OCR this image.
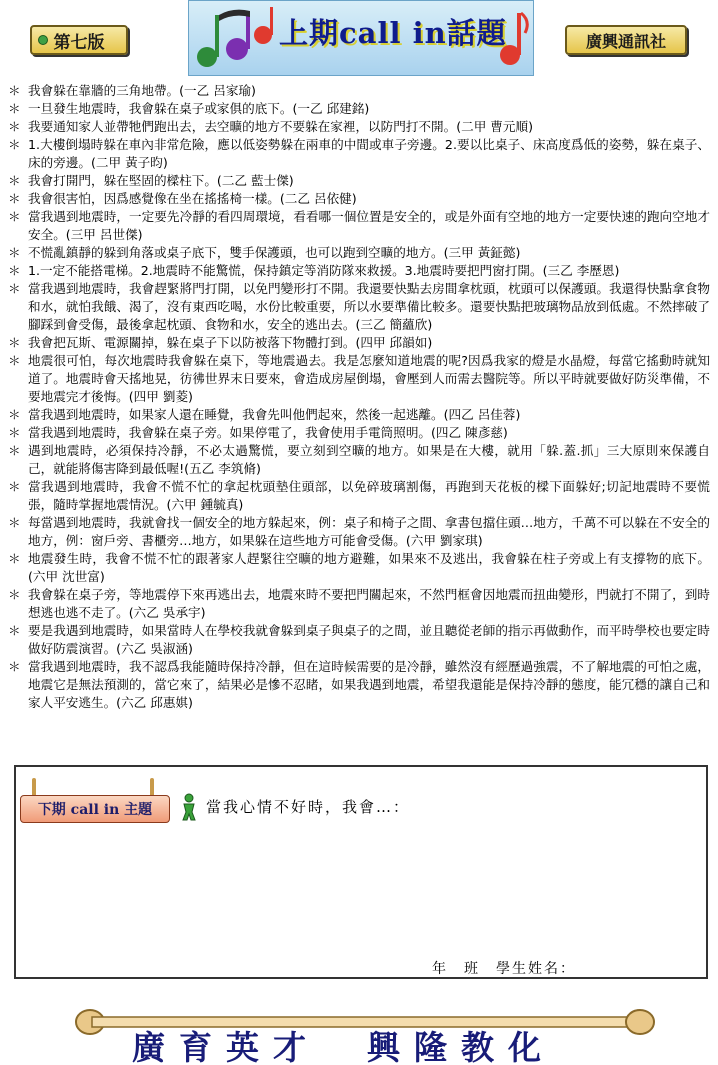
第七版	上期call in話題	廣興通訊社
＊ 我會躲在靠牆的三角地帶。(一乙 呂家瑜)
＊ 一旦發生地震時，我會躲在桌子或家俱的底下。(一乙 邱建銘)
＊ 我要通知家人並帶牠們跑出去，去空曠的地方不要躲在家裡，以防門打不開。(二甲 曹元順)
＊ 1.大樓倒塌時躲在車內非常危險，應以低姿勢躲在兩車的中間或車子旁邊。2.要以比桌子、床高度爲低的姿勢，躲在桌子、床的旁邊。(二甲 黃子昀)
＊ 我會打開門，躲在堅固的樑柱下。(二乙 藍士傑)
＊ 我會很害怕，因爲感覺像在坐在搖搖椅一樣。(二乙 呂依健)
＊ 當我遇到地震時，一定要先冷靜的看四周環境，看看哪一個位置是安全的，或是外面有空地的地方一定要快速的跑向空地才安全。(三甲 呂世傑)
＊ 不慌亂鎮靜的躲到角落或桌子底下，雙手保護頭，也可以跑到空曠的地方。(三甲 黃鉦懿)
＊ 1.一定不能搭電梯。2.地震時不能驚慌，保持鎮定等消防隊來救援。3.地震時要把門窗打開。(三乙 李歷恩)
＊ 當我遇到地震時，我會趕緊將門打開，以免門變形打不開。我還要快點去房間拿枕頭，枕頭可以保護頭。我還得快點拿食物和水，就怕我餓、渴了，沒有東西吃喝，水份比較重要，所以水要準備比較多。還要快點把玻璃物品放到低處。不然摔破了腳踩到會受傷，最後拿起枕頭、食物和水，安全的逃出去。(三乙 簡蘊欣)
＊ 我會把瓦斯、電源關掉，躲在桌子下以防被落下物體打到。(四甲 邱韻如)
＊ 地震很可怕，每次地震時我會躲在桌下，等地震過去。我是怎麼知道地震的呢?因爲我家的燈是水晶燈，每當它搖動時就知道了。地震時會天搖地晃，彷彿世界末日要來，會造成房屋倒塌，會壓到人而需去醫院等。所以平時就要做好防災準備，不要地震完才後悔。(四甲 劉菱)
＊ 當我遇到地震時，如果家人還在睡覺，我會先叫他們起來，然後一起逃離。(四乙 呂佳蓉)
＊ 當我遇到地震時，我會躲在桌子旁。如果停電了，我會使用手電筒照明。(四乙 陳彥慈)
＊ 遇到地震時，必須保持冷靜，不必太過驚慌，要立刻到空曠的地方。如果是在大樓，就用「躲.蓋.抓」三大原則來保護自己，就能將傷害降到最低喔!(五乙 李筑脩)
＊ 當我遇到地震時，我會不慌不忙的拿起枕頭墊住頭部，以免碎玻璃割傷，再跑到天花板的樑下面躲好;切記地震時不要慌張，隨時掌握地震情況。(六甲 鍾毓真)
＊ 每當遇到地震時，我就會找一個安全的地方躲起來，例：桌子和椅子之間、拿書包擋住頭…地方，千萬不可以躲在不安全的地方，例：窗戶旁、書櫃旁…地方，如果躲在這些地方可能會受傷。(六甲 劉家琪)
＊ 地震發生時，我會不慌不忙的跟著家人趕緊往空曠的地方避難，如果來不及逃出，我會躲在柱子旁或上有支撐物的底下。(六甲 沈世富)
＊ 我會躲在桌子旁，等地震停下來再逃出去，地震來時不要把門關起來，不然門框會因地震而扭曲變形，門就打不開了，到時想逃也逃不走了。(六乙 吳承宇)
＊ 要是我遇到地震時，如果當時人在學校我就會躲到桌子與桌子的之間，並且聽從老師的指示再做動作，而平時學校也要定時做好防震演習。(六乙 吳淑涵)
＊ 當我遇到地震時，我不認爲我能隨時保持冷靜，但在這時候需要的是冷靜，雖然沒有經歷過強震，不了解地震的可怕之處，地震它是無法預測的，當它來了，結果必是慘不忍睹，如果我遇到地震，希望我還能是保持冷靜的態度，能冗穩的讓自己和家人平安逃生。(六乙 邱惠娸)
下期 call in 主題	當我心情不好時，我會…：
年　班　學生姓名：
廣育英才　興隆教化
